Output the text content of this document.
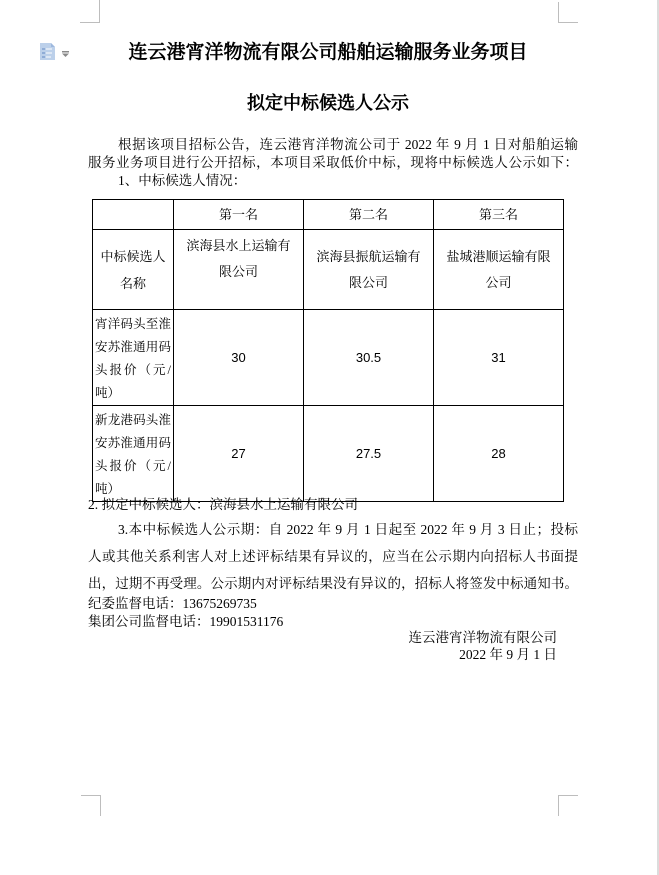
连云港宵洋物流有限公司船舶运输服务业务项目
拟定中标候选人公示
根据该项目招标公告，连云港宵洋物流公司于 2022 年 9 月 1 日对船舶运输
服务业务项目进行公开招标，本项目采取低价中标，现将中标候选人公示如下：
1、中标候选人情况：
	第一名	第二名	第三名
中标候选人名称	滨海县水上运输有限公司	滨海县振航运输有限公司	盐城港顺运输有限公司
宵洋码头至淮安苏淮通用码头报价（元/吨）	30	30.5	31
新龙港码头淮安苏淮通用码头报价（元/吨）	27	27.5	28
2. 拟定中标候选人：滨海县水上运输有限公司
3.本中标候选人公示期：自 2022 年 9 月 1 日起至 2022 年 9 月 3 日止；投标
人或其他关系利害人对上述评标结果有异议的，应当在公示期内向招标人书面提
出，过期不再受理。公示期内对评标结果没有异议的，招标人将签发中标通知书。
纪委监督电话：13675269735
集团公司监督电话：19901531176
连云港宵洋物流有限公司
2022 年 9 月 1 日
